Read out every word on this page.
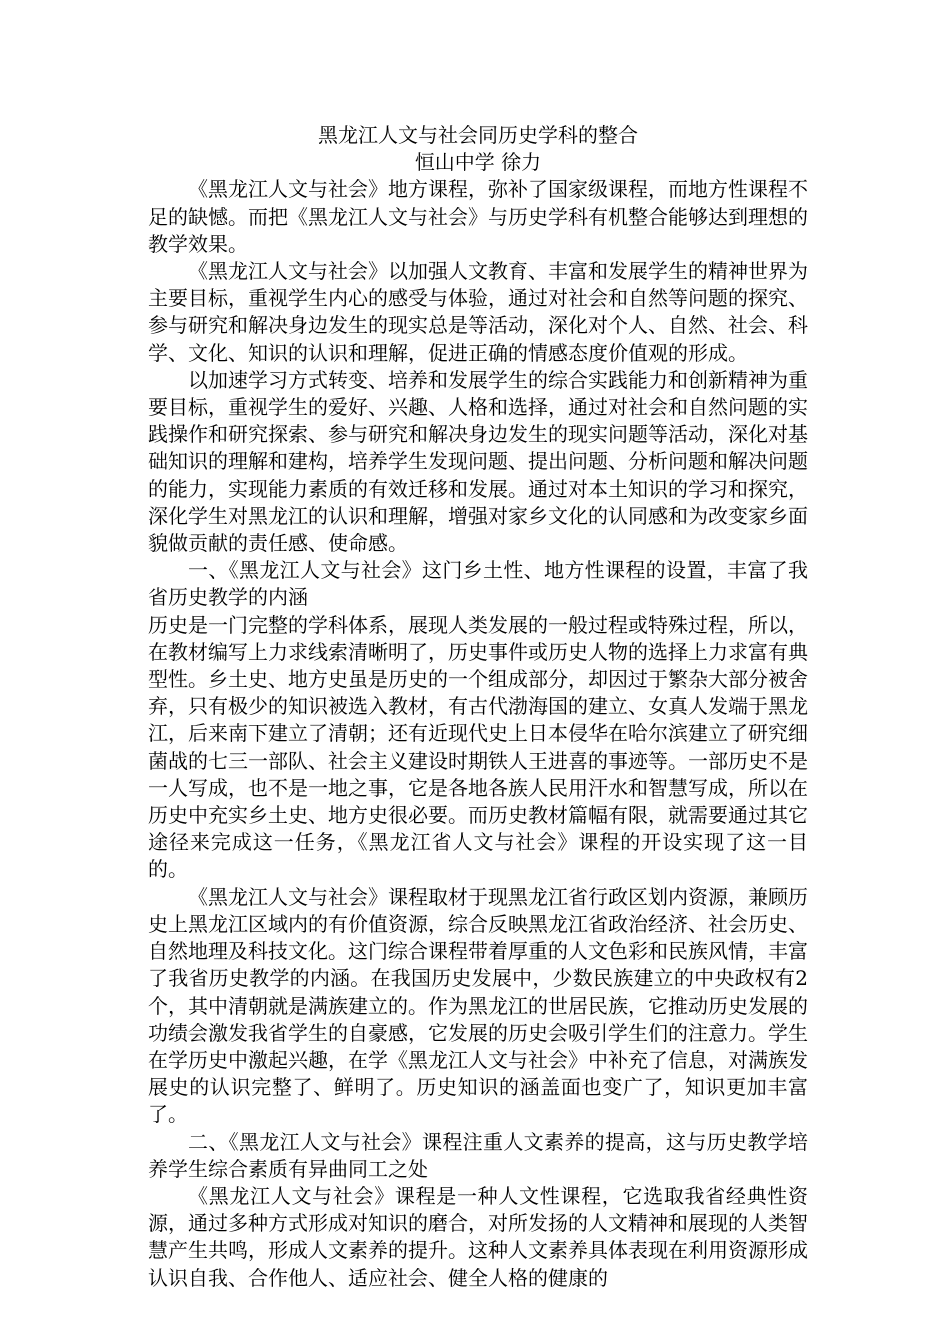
黑龙江人文与社会同历史学科的整合

恒山中学 徐力

《黑龙江人文与社会》地方课程，弥补了国家级课程，而地方性课程不足的缺憾。而把《黑龙江人文与社会》与历史学科有机整合能够达到理想的教学效果。

《黑龙江人文与社会》以加强人文教育、丰富和发展学生的精神世界为主要目标，重视学生内心的感受与体验，通过对社会和自然等问题的探究、参与研究和解决身边发生的现实总是等活动，深化对个人、自然、社会、科学、文化、知识的认识和理解，促进正确的情感态度价值观的形成。

以加速学习方式转变、培养和发展学生的综合实践能力和创新精神为重要目标，重视学生的爱好、兴趣、人格和选择，通过对社会和自然问题的实践操作和研究探索、参与研究和解决身边发生的现实问题等活动，深化对基础知识的理解和建构，培养学生发现问题、提出问题、分析问题和解决问题的能力，实现能力素质的有效迁移和发展。通过对本土知识的学习和探究，深化学生对黑龙江的认识和理解，增强对家乡文化的认同感和为改变家乡面貌做贡献的责任感、使命感。

一、《黑龙江人文与社会》这门乡土性、地方性课程的设置，丰富了我省历史教学的内涵

历史是一门完整的学科体系，展现人类发展的一般过程或特殊过程，所以，在教材编写上力求线索清晰明了，历史事件或历史人物的选择上力求富有典型性。乡土史、地方史虽是历史的一个组成部分，却因过于繁杂大部分被舍弃，只有极少的知识被选入教材，有古代渤海国的建立、女真人发端于黑龙江，后来南下建立了清朝；还有近现代史上日本侵华在哈尔滨建立了研究细菌战的七三一部队、社会主义建设时期铁人王进喜的事迹等。一部历史不是一人写成，也不是一地之事，它是各地各族人民用汗水和智慧写成，所以在历史中充实乡土史、地方史很必要。而历史教材篇幅有限，就需要通过其它途径来完成这一任务，《黑龙江省人文与社会》课程的开设实现了这一目的。

《黑龙江人文与社会》课程取材于现黑龙江省行政区划内资源，兼顾历史上黑龙江区域内的有价值资源，综合反映黑龙江省政治经济、社会历史、自然地理及科技文化。这门综合课程带着厚重的人文色彩和民族风情，丰富了我省历史教学的内涵。在我国历史发展中，少数民族建立的中央政权有2个，其中清朝就是满族建立的。作为黑龙江的世居民族，它推动历史发展的功绩会激发我省学生的自豪感，它发展的历史会吸引学生们的注意力。学生在学历史中激起兴趣，在学《黑龙江人文与社会》中补充了信息，对满族发展史的认识完整了、鲜明了。历史知识的涵盖面也变广了，知识更加丰富了。

二、《黑龙江人文与社会》课程注重人文素养的提高，这与历史教学培养学生综合素质有异曲同工之处

《黑龙江人文与社会》课程是一种人文性课程，它选取我省经典性资源，通过多种方式形成对知识的磨合，对所发扬的人文精神和展现的人类智慧产生共鸣，形成人文素养的提升。这种人文素养具体表现在利用资源形成认识自我、合作他人、适应社会、健全人格的健康的
